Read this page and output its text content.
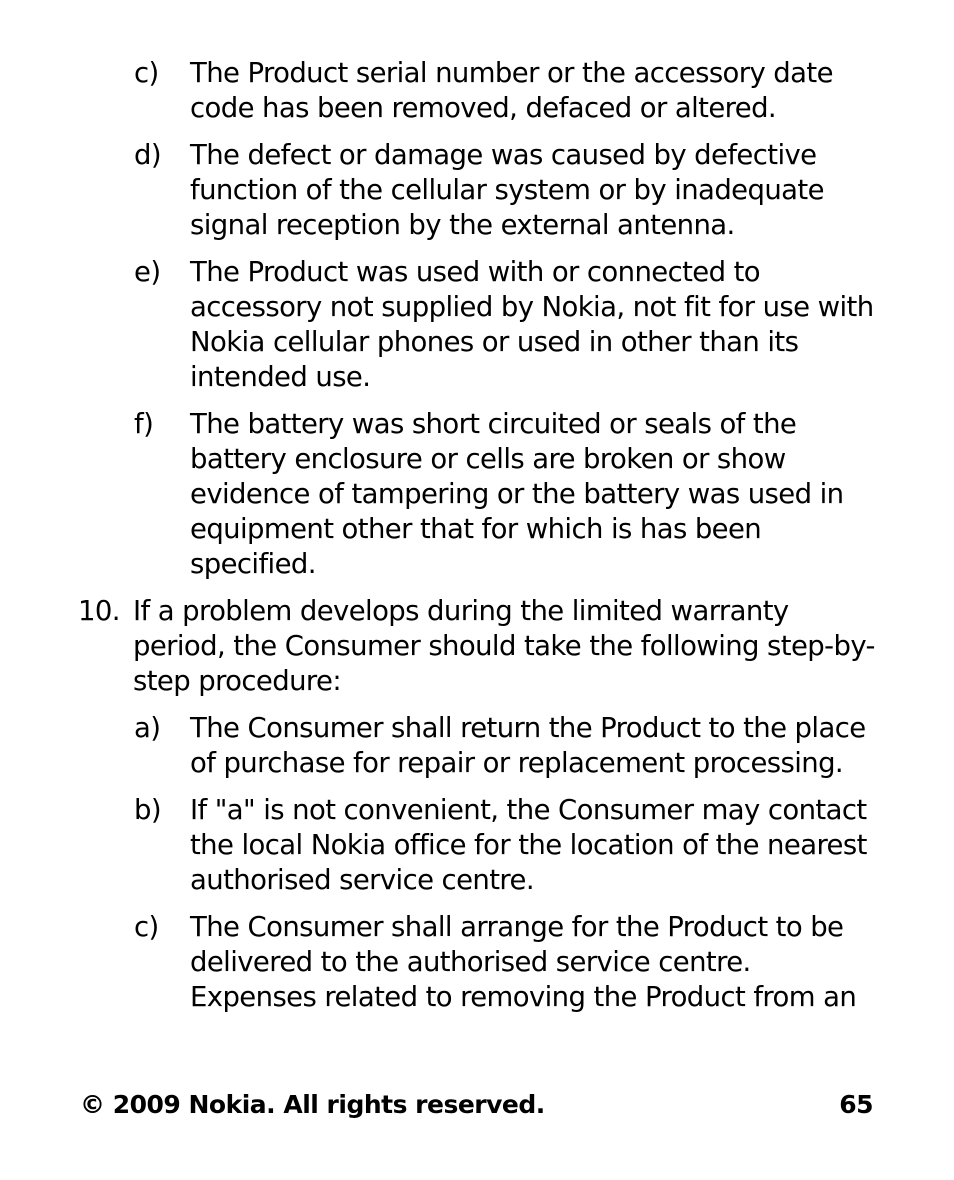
c) The Product serial number or the accessory date code has been removed, defaced or altered.
d) The defect or damage was caused by defective function of the cellular system or by inadequate signal reception by the external antenna.
e) The Product was used with or connected to accessory not supplied by Nokia, not fit for use with Nokia cellular phones or used in other than its intended use.
f) The battery was short circuited or seals of the battery enclosure or cells are broken or show evidence of tampering or the battery was used in equipment other that for which is has been specified.
10. If a problem develops during the limited warranty period, the Consumer should take the following step-by-step procedure:
a) The Consumer shall return the Product to the place of purchase for repair or replacement processing.
b) If "a" is not convenient, the Consumer may contact the local Nokia office for the location of the nearest authorised service centre.
c) The Consumer shall arrange for the Product to be delivered to the authorised service centre. Expenses related to removing the Product from an
© 2009 Nokia. All rights reserved.	65
